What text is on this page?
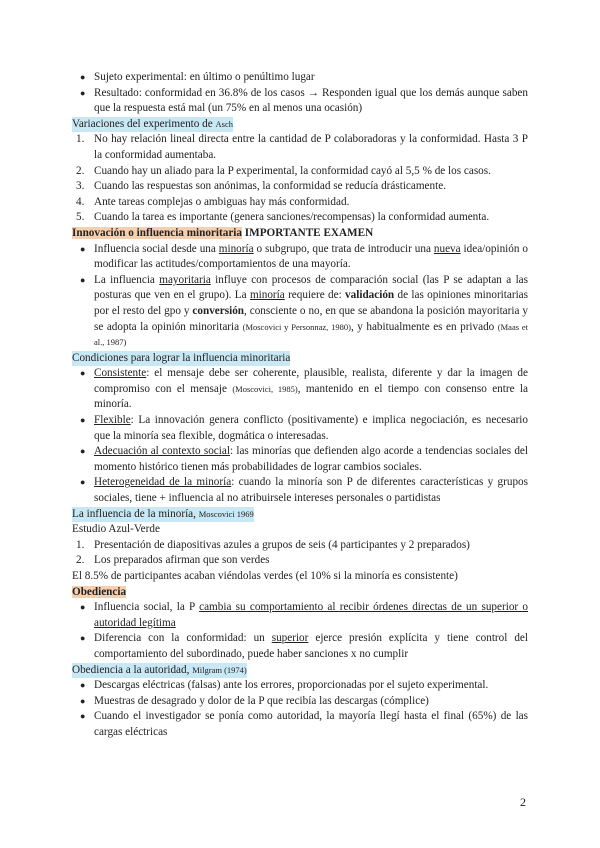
● Sujeto experimental: en último o penúltimo lugar
● Resultado: conformidad en 36.8% de los casos → Responden igual que los demás aunque saben que la respuesta está mal (un 75% en al menos una ocasión)
Variaciones del experimento de Asch
1. No hay relación lineal directa entre la cantidad de P colaboradoras y la conformidad. Hasta 3 P la conformidad aumentaba.
2. Cuando hay un aliado para la P experimental, la conformidad cayó al 5,5 % de los casos.
3. Cuando las respuestas son anónimas, la conformidad se reducía drásticamente.
4. Ante tareas complejas o ambiguas hay más conformidad.
5. Cuando la tarea es importante (genera sanciones/recompensas) la conformidad aumenta.
Innovación o influencia minoritaria IMPORTANTE EXAMEN
● Influencia social desde una minoría o subgrupo, que trata de introducir una nueva idea/opinión o modificar las actitudes/comportamientos de una mayoría.
● La influencia mayoritaria influye con procesos de comparación social (las P se adaptan a las posturas que ven en el grupo). La minoría requiere de: validación de las opiniones minoritarias por el resto del gpo y conversión, consciente o no, en que se abandona la posición mayoritaria y se adopta la opinión minoritaria (Moscovici y Personnaz, 1980), y habitualmente es en privado (Maas et al., 1987)
Condiciones para lograr la influencia minoritaria
● Consistente: el mensaje debe ser coherente, plausible, realista, diferente y dar la imagen de compromiso con el mensaje (Moscovici, 1985), mantenido en el tiempo con consenso entre la minoría.
● Flexible: La innovación genera conflicto (positivamente) e implica negociación, es necesario que la minoría sea flexible, dogmática o interesadas.
● Adecuación al contexto social: las minorías que defienden algo acorde a tendencias sociales del momento histórico tienen más probabilidades de lograr cambios sociales.
● Heterogeneidad de la minoría: cuando la minoría son P de diferentes características y grupos sociales, tiene + influencia al no atribuirsele intereses personales o partidistas
La influencia de la minoría, Moscovici 1969
Estudio Azul-Verde
1. Presentación de diapositivas azules a grupos de seis (4 participantes y 2 preparados)
2. Los preparados afirman que son verdes
El 8.5% de participantes acaban viéndolas verdes (el 10% si la minoría es consistente)
Obediencia
● Influencia social, la P cambia su comportamiento al recibir órdenes directas de un superior o autoridad legítima
● Diferencia con la conformidad: un superior ejerce presión explícita y tiene control del comportamiento del subordinado, puede haber sanciones x no cumplir
Obediencia a la autoridad, Milgram (1974)
● Descargas eléctricas (falsas) ante los errores, proporcionadas por el sujeto experimental.
● Muestras de desagrado y dolor de la P que recibía las descargas (cómplice)
● Cuando el investigador se ponía como autoridad, la mayoría llegí hasta el final (65%) de las cargas eléctricas
2
